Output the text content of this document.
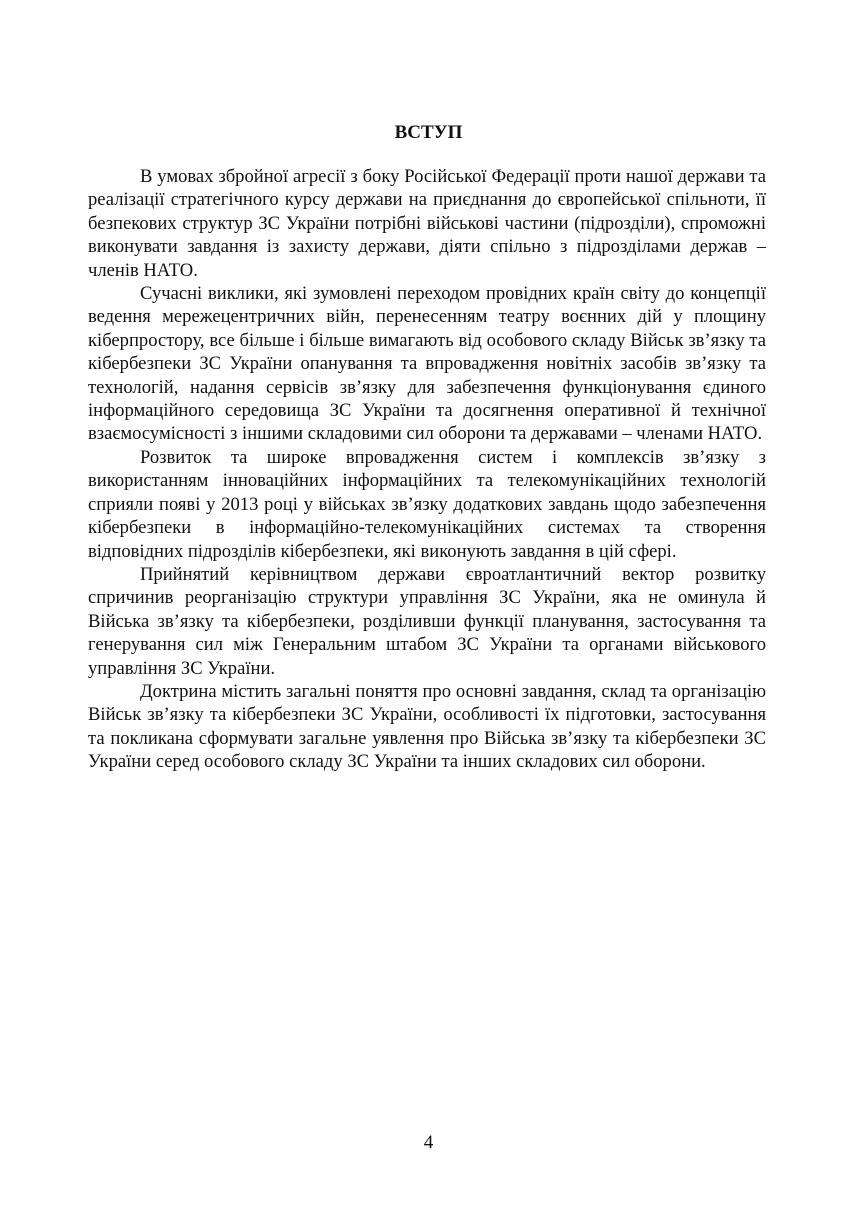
ВСТУП

В умовах збройної агресії з боку Російської Федерації проти нашої держави та реалізації стратегічного курсу держави на приєднання до європейської спільноти, її безпекових структур ЗС України потрібні військові частини (підрозділи), спроможні виконувати завдання із захисту держави, діяти спільно з підрозділами держав – членів НАТО.

Сучасні виклики, які зумовлені переходом провідних країн світу до концепції ведення мережецентричних війн, перенесенням театру воєнних дій у площину кіберпростору, все більше і більше вимагають від особового складу Військ зв’язку та кібербезпеки ЗС України опанування та впровадження новітніх засобів зв’язку та технологій, надання сервісів зв’язку для забезпечення функціонування єдиного інформаційного середовища ЗС України та досягнення оперативної й технічної взаємосумісності з іншими складовими сил оборони та державами – членами НАТО.

Розвиток та широке впровадження систем і комплексів зв’язку з використанням інноваційних інформаційних та телекомунікаційних технологій сприяли появі у 2013 році у військах зв’язку додаткових завдань щодо забезпечення кібербезпеки в інформаційно-телекомунікаційних системах та створення відповідних підрозділів кібербезпеки, які виконують завдання в цій сфері.

Прийнятий керівництвом держави євроатлантичний вектор розвитку спричинив реорганізацію структури управління ЗС України, яка не оминула й Війська зв’язку та кібербезпеки, розділивши функції планування, застосування та генерування сил між Генеральним штабом ЗС України та органами військового управління ЗС України.

Доктрина містить загальні поняття про основні завдання, склад та організацію Військ зв’язку та кібербезпеки ЗС України, особливості їх підготовки, застосування та покликана сформувати загальне уявлення про Війська зв’язку та кібербезпеки ЗС України серед особового складу ЗС України та інших складових сил оборони.

4
